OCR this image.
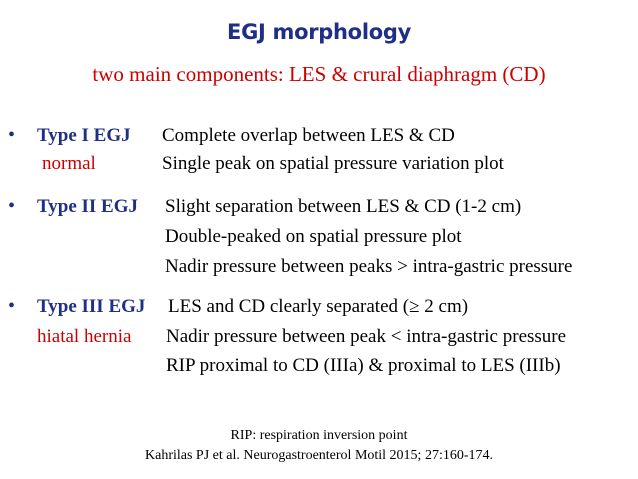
EGJ morphology
two main components: LES & crural diaphragm (CD)
• Type I EGJ Complete overlap between LES & CD
normal	Single peak on spatial pressure variation plot
• Type II EGJ Slight separation between LES & CD (1-2 cm)
Double-peaked on spatial pressure plot
Nadir pressure between peaks > intra-gastric pressure
• Type III EGJ LES and CD clearly separated (≥ 2 cm)
hiatal hernia Nadir pressure between peak < intra-gastric pressure
RIP proximal to CD (IIIa) & proximal to LES (IIIb)
RIP: respiration inversion point
Kahrilas PJ et al. Neurogastroenterol Motil 2015; 27:160-174.
